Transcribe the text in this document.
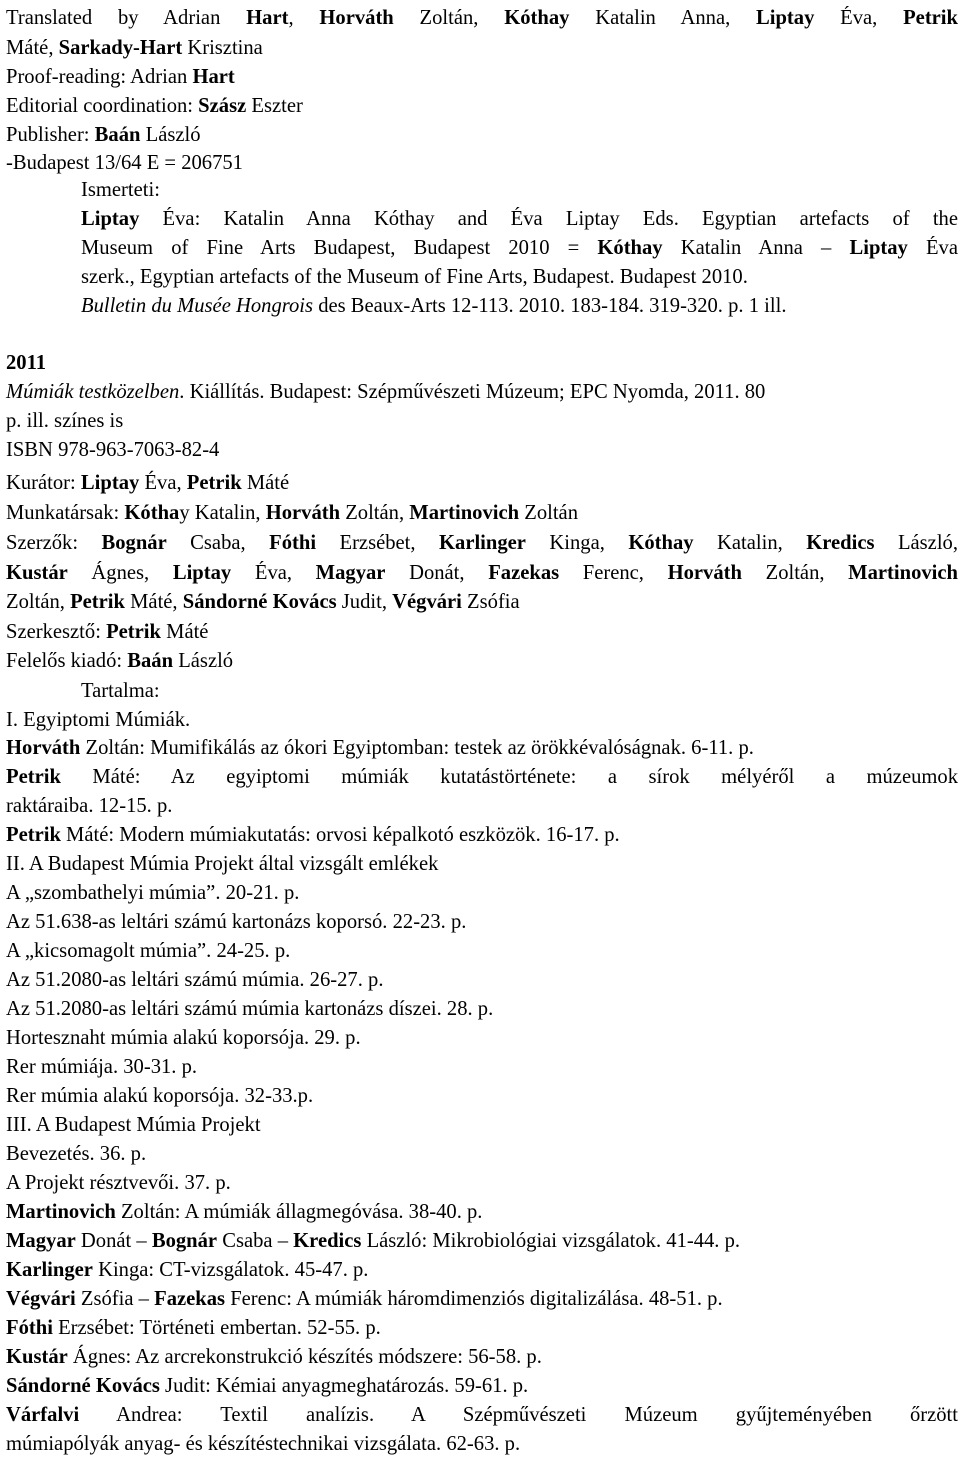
Translated by Adrian Hart, Horváth Zoltán, Kóthay Katalin Anna, Liptay Éva, Petrik
Máté, Sarkady-Hart Krisztina
Proof-reading: Adrian Hart
Editorial coordination: Szász Eszter
Publisher: Baán László
-Budapest 13/64 E = 206751
Ismerteti:
Liptay Éva: Katalin Anna Kóthay and Éva Liptay Eds. Egyptian artefacts of the
Museum of Fine Arts Budapest, Budapest 2010 = Kóthay Katalin Anna – Liptay Éva
szerk., Egyptian artefacts of the Museum of Fine Arts, Budapest. Budapest 2010.
Bulletin du Musée Hongrois des Beaux-Arts 12-113. 2010. 183-184. 319-320. p. 1 ill.
2011
Múmiák testközelben. Kiállítás. Budapest: Szépművészeti Múzeum; EPC Nyomda, 2011. 80
p. ill. színes is
ISBN 978-963-7063-82-4
Kurátor: Liptay Éva, Petrik Máté
Munkatársak: Kóthay Katalin, Horváth Zoltán, Martinovich Zoltán
Szerzők: Bognár Csaba, Fóthi Erzsébet, Karlinger Kinga, Kóthay Katalin, Kredics László,
Kustár Ágnes, Liptay Éva, Magyar Donát, Fazekas Ferenc, Horváth Zoltán, Martinovich
Zoltán, Petrik Máté, Sándorné Kovács Judit, Végvári Zsófia
Szerkesztő: Petrik Máté
Felelős kiadó: Baán László
Tartalma:
I. Egyiptomi Múmiák.
Horváth Zoltán: Mumifikálás az ókori Egyiptomban: testek az örökkévalóságnak. 6-11. p.
Petrik Máté: Az egyiptomi múmiák kutatástörténete: a sírok mélyéről a múzeumok
raktáraiba. 12-15. p.
Petrik Máté: Modern múmiakutatás: orvosi képalkotó eszközök. 16-17. p.
II. A Budapest Múmia Projekt által vizsgált emlékek
A „szombathelyi múmia”. 20-21. p.
Az 51.638-as leltári számú kartonázs koporsó. 22-23. p.
A „kicsomagolt múmia”. 24-25. p.
Az 51.2080-as leltári számú múmia. 26-27. p.
Az 51.2080-as leltári számú múmia kartonázs díszei. 28. p.
Hortesznaht múmia alakú koporsója. 29. p.
Rer múmiája. 30-31. p.
Rer múmia alakú koporsója. 32-33.p.
III. A Budapest Múmia Projekt
Bevezetés. 36. p.
A Projekt résztvevői. 37. p.
Martinovich Zoltán: A múmiák állagmegóvása. 38-40. p.
Magyar Donát – Bognár Csaba – Kredics László: Mikrobiológiai vizsgálatok. 41-44. p.
Karlinger Kinga: CT-vizsgálatok. 45-47. p.
Végvári Zsófia – Fazekas Ferenc: A múmiák háromdimenziós digitalizálása. 48-51. p.
Fóthi Erzsébet: Történeti embertan. 52-55. p.
Kustár Ágnes: Az arcrekonstrukció készítés módszere: 56-58. p.
Sándorné Kovács Judit: Kémiai anyagmeghatározás. 59-61. p.
Várfalvi Andrea: Textil analízis. A Szépművészeti Múzeum gyűjteményében őrzött
múmiapólyák anyag- és készítéstechnikai vizsgálata. 62-63. p.
